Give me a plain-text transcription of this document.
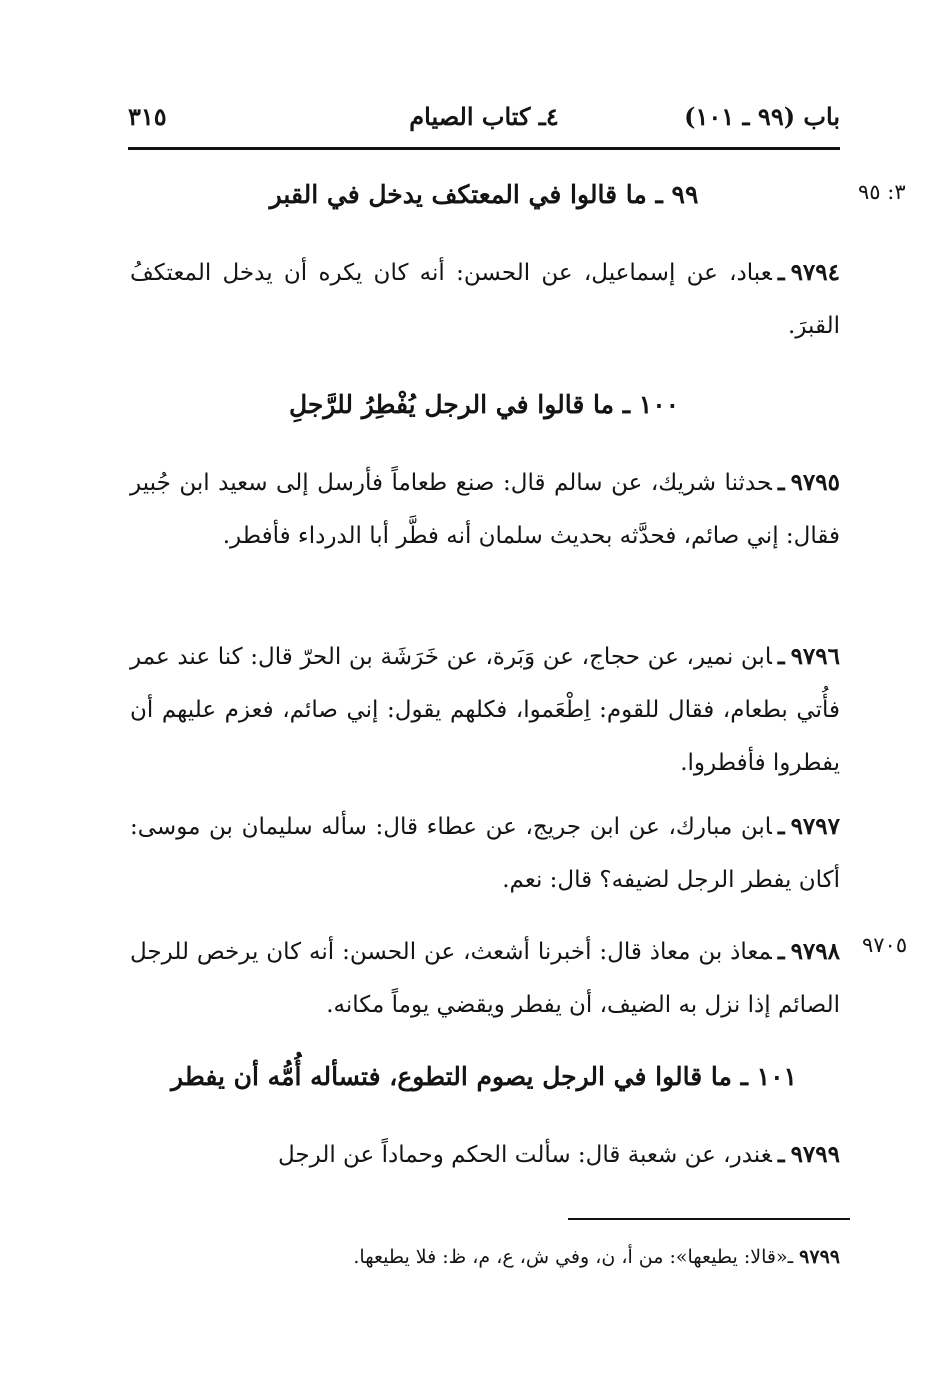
باب (٩٩ ـ ١٠١)
٤ـ كتاب الصيام
٣١٥
٣: ٩٥
٩٧٠٥
٩٩ ـ ما قالوا في المعتكف يدخل في القبر
٩٧٩٤ـعباد، عن إسماعيل، عن الحسن: أنه كان يكره أن يدخل المعتكفُ القبرَ.
١٠٠ ـ ما قالوا في الرجل يُفْطِرُ للرَّجلِ
٩٧٩٥ـحدثنا شريك، عن سالم قال: صنع طعاماً فأرسل إلى سعيد ابن جُبير فقال: إني صائم، فحدَّثه بحديث سلمان أنه فطَّر أبا الدرداء فأفطر.
٩٧٩٦ـابن نمير، عن حجاج، عن وَبَرة، عن خَرَشَة بن الحرّ قال: كنا عند عمر فأُتي بطعام، فقال للقوم: اِطْعَموا، فكلهم يقول: إني صائم، فعزم عليهم أن يفطروا فأفطروا.
٩٧٩٧ـابن مبارك، عن ابن جريج، عن عطاء قال: سأله سليمان بن موسى: أكان يفطر الرجل لضيفه؟ قال: نعم.
٩٧٩٨ـمعاذ بن معاذ قال: أخبرنا أشعث، عن الحسن: أنه كان يرخص للرجل الصائم إذا نزل به الضيف، أن يفطر ويقضي يوماً مكانه.
١٠١ ـ ما قالوا في الرجل يصوم التطوع، فتسأله أُمُّه أن يفطر
٩٧٩٩ـغندر، عن شعبة قال: سألت الحكم وحماداً عن الرجل
٩٧٩٩ـ«قالا: يطيعها»: من أ، ن، وفي ش، ع، م، ظ: فلا يطيعها.
